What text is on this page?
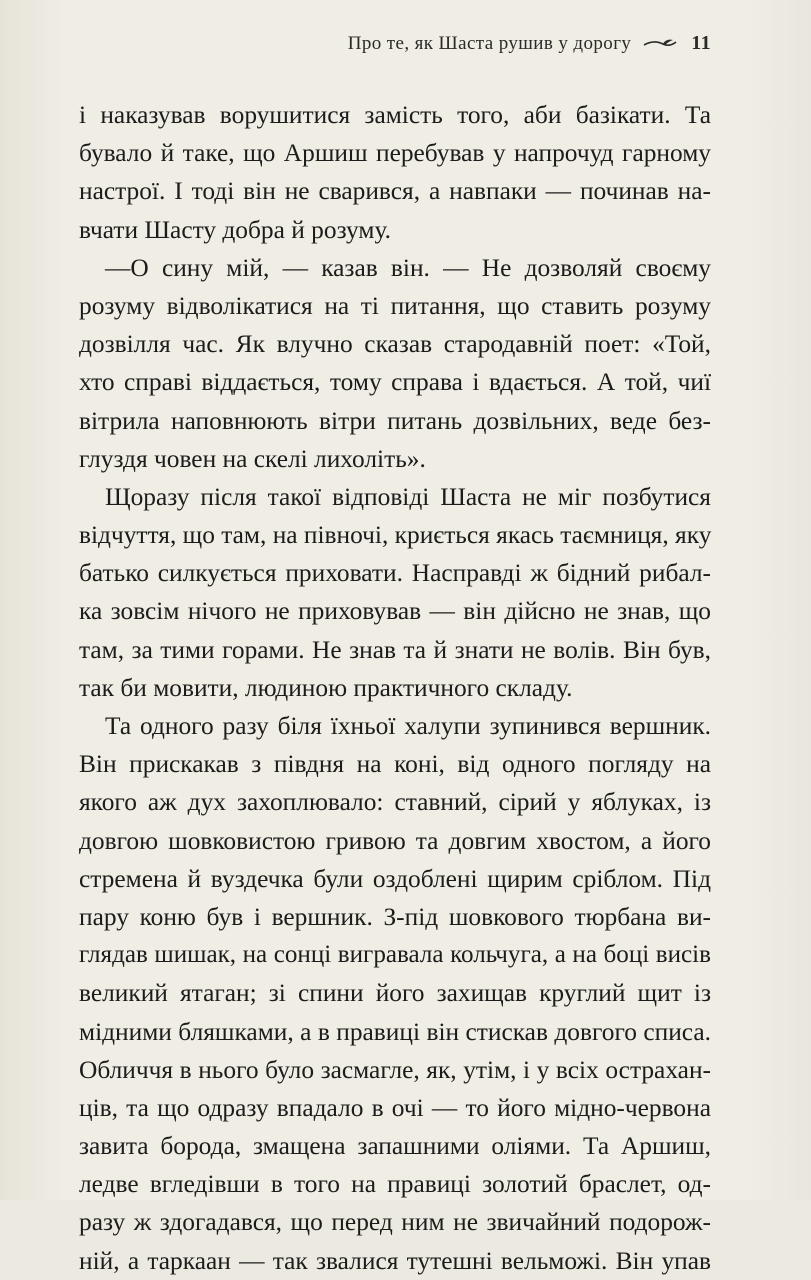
Про те, як Шаста рушив у дорогу	11
і наказував ворушитися замість того, аби базікати. Та
бувало й таке, що Аршиш перебував у напрочуд гарному
настрої. І тоді він не сварився, а навпаки — починав на-
вчати Шасту добра й розуму.
—О сину мій, — казав він. — Не дозволяй своєму
розуму відволікатися на ті питання, що ставить розуму
дозвілля час. Як влучно сказав стародавній поет: «Той,
хто справі віддається, тому справа і вдається. А той, чиї
вітрила наповнюють вітри питань дозвільних, веде без-
глуздя човен на скелі лихоліть».
Щоразу після такої відповіді Шаста не міг позбутися
відчуття, що там, на півночі, криється якась таємниця, яку
батько силкується приховати. Насправді ж бідний рибал-
ка зовсім нічого не приховував — він дійсно не знав, що
там, за тими горами. Не знав та й знати не волів. Він був,
так би мовити, людиною практичного складу.
Та одного разу біля їхньої халупи зупинився вершник.
Він прискакав з півдня на коні, від одного погляду на
якого аж дух захоплювало: ставний, сірий у яблуках, із
довгою шовковистою гривою та довгим хвостом, а його
стремена й вуздечка були оздоблені щирим сріблом. Під
пару коню був і вершник. З-під шовкового тюрбана ви-
глядав шишак, на сонці вигравала кольчуга, а на боці висів
великий ятаган; зі спини його захищав круглий щит із
мідними бляшками, а в правиці він стискав довгого списа.
Обличчя в нього було засмагле, як, утім, і у всіх острахан-
ців, та що одразу впадало в очі — то його мідно-червона
завита борода, змащена запашними оліями. Та Аршиш,
ледве вгледівши в того на правиці золотий браслет, од-
разу ж здогадався, що перед ним не звичайний подорож-
ній, а таркаан — так звалися тутешні вельможі. Він упав
